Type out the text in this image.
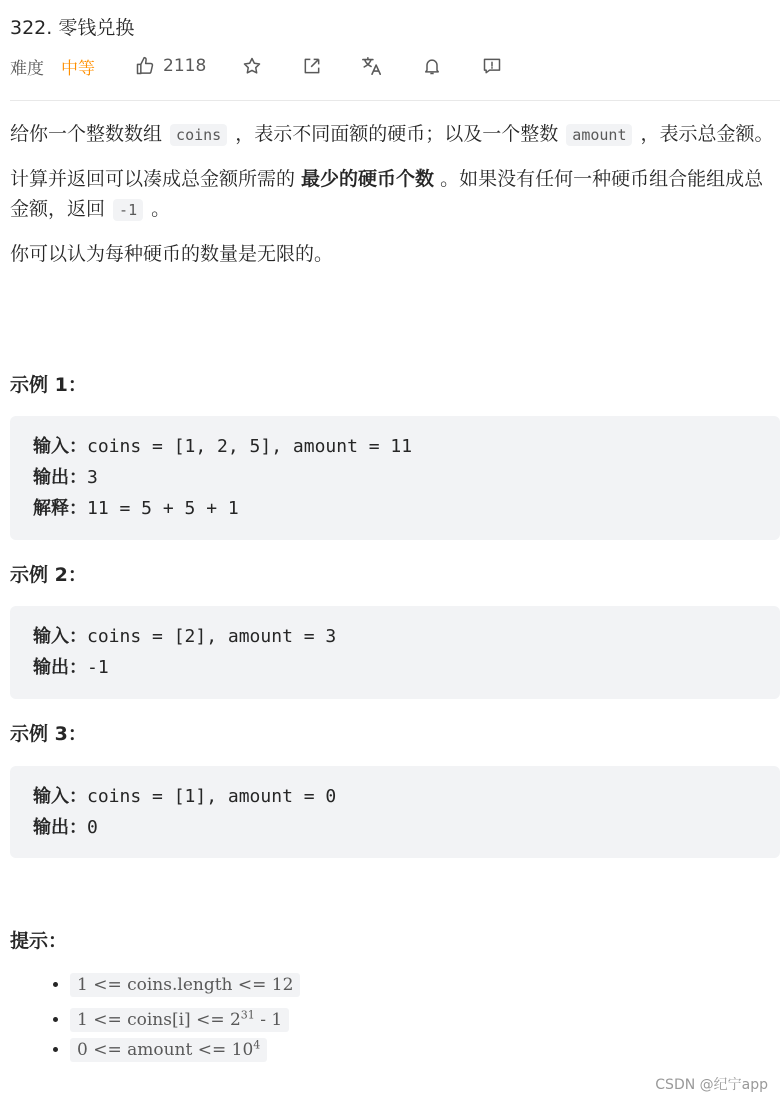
322. 零钱兑换
难度 中等	2118

给你一个整数数组 coins ，表示不同面额的硬币；以及一个整数 amount ，表示总金额。

计算并返回可以凑成总金额所需的 最少的硬币个数 。如果没有任何一种硬币组合能组成总金额，返回 -1 。

你可以认为每种硬币的数量是无限的。

示例 1：
输入：coins = [1, 2, 5], amount = 11
输出：3
解释：11 = 5 + 5 + 1
示例 2：
输入：coins = [2], amount = 3
输出：-1
示例 3：
输入：coins = [1], amount = 0
输出：0
提示：
• 1 <= coins.length <= 12
• 1 <= coins[i] <= $2^{31} - 1$
• 0 <= amount <= $10^4$
CSDN @纪宁app
